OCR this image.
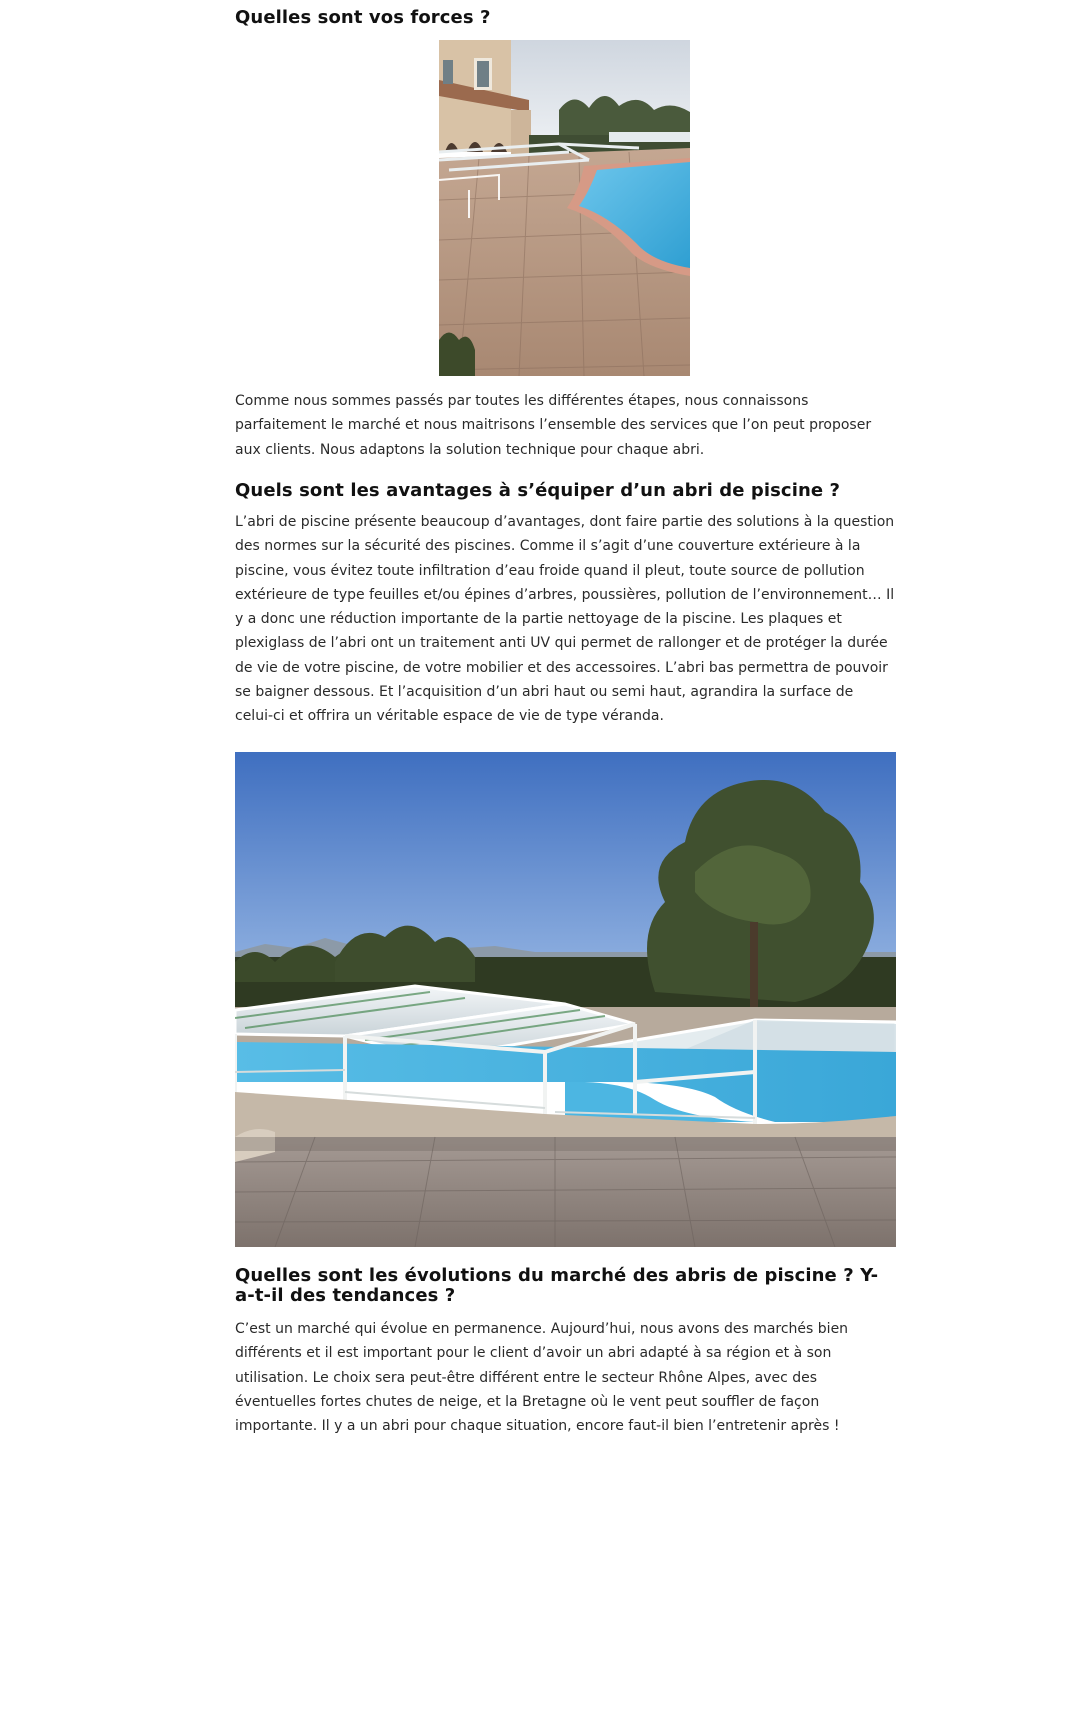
Quelles sont vos forces ?

Comme nous sommes passés par toutes les différentes étapes, nous connaissons parfaitement le marché et nous maitrisons l’ensemble des services que l’on peut proposer aux clients. Nous adaptons la solution technique pour chaque abri.

Quels sont les avantages à s’équiper d’un abri de piscine ?

L’abri de piscine présente beaucoup d’avantages, dont faire partie des solutions à la question des normes sur la sécurité des piscines. Comme il s’agit d’une couverture extérieure à la piscine, vous évitez toute infiltration d’eau froide quand il pleut, toute source de pollution extérieure de type feuilles et/ou épines d’arbres, poussières, pollution de l’environnement… Il y a donc une réduction importante de la partie nettoyage de la piscine. Les plaques et plexiglass de l’abri ont un traitement anti UV qui permet de rallonger et de protéger la durée de vie de votre piscine, de votre mobilier et des accessoires. L’abri bas permettra de pouvoir se baigner dessous. Et l’acquisition d’un abri haut ou semi haut, agrandira la surface de celui-ci et offrira un véritable espace de vie de type véranda.

Quelles sont les évolutions du marché des abris de piscine ? Y-a-t-il des tendances ?

C’est un marché qui évolue en permanence. Aujourd’hui, nous avons des marchés bien différents et il est important pour le client d’avoir un abri adapté à sa région et à son utilisation. Le choix sera peut-être différent entre le secteur Rhône Alpes, avec des éventuelles fortes chutes de neige, et la Bretagne où le vent peut souffler de façon importante. Il y a un abri pour chaque situation, encore faut-il bien l’entretenir après !
